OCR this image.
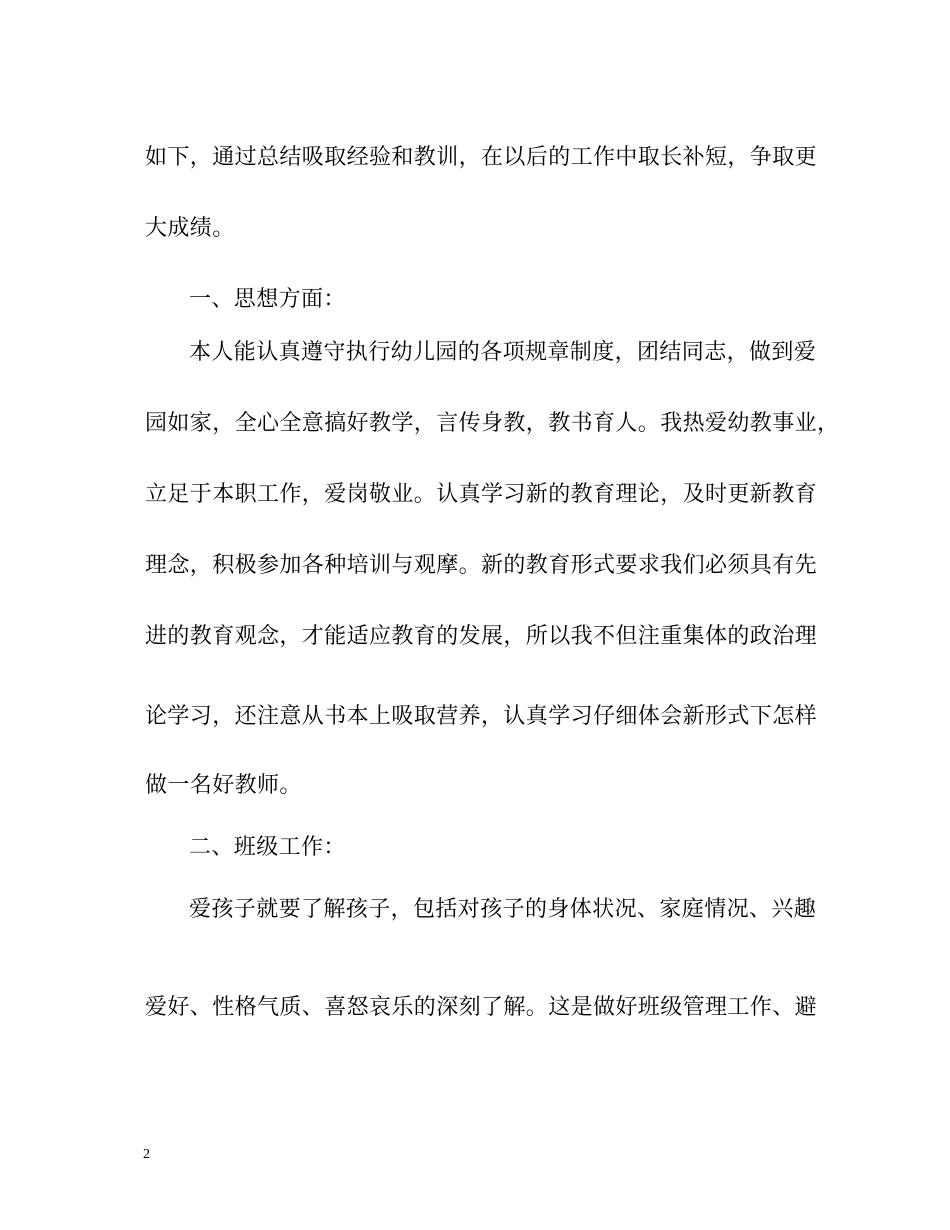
如下，通过总结吸取经验和教训，在以后的工作中取长补短，争取更
大成绩。
一、思想方面：
本人能认真遵守执行幼儿园的各项规章制度，团结同志，做到爱
园如家，全心全意搞好教学，言传身教，教书育人。我热爱幼教事业，
立足于本职工作，爱岗敬业。认真学习新的教育理论，及时更新教育
理念，积极参加各种培训与观摩。新的教育形式要求我们必须具有先
进的教育观念，才能适应教育的发展，所以我不但注重集体的政治理
论学习，还注意从书本上吸取营养，认真学习仔细体会新形式下怎样
做一名好教师。
二、班级工作：
爱孩子就要了解孩子，包括对孩子的身体状况、家庭情况、兴趣
爱好、性格气质、喜怒哀乐的深刻了解。这是做好班级管理工作、避
2
